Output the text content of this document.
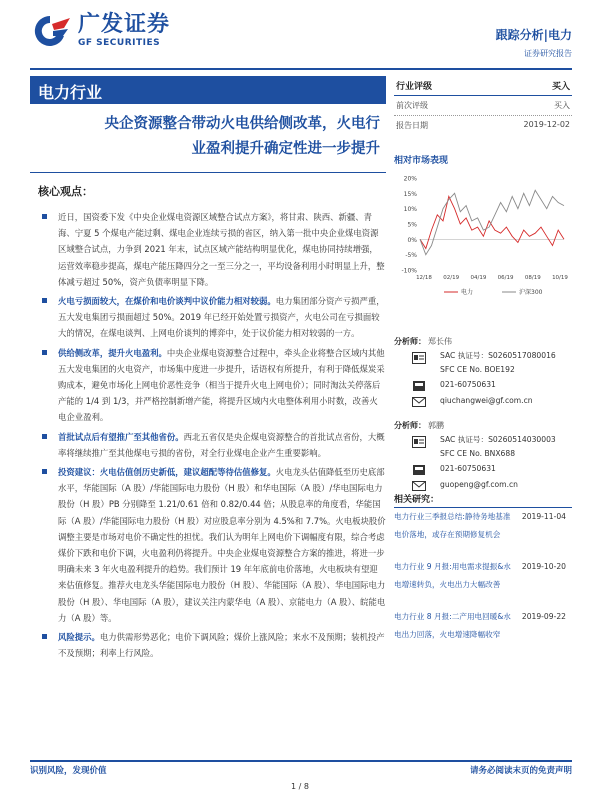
广发证券
GF SECURITIES
跟踪分析|电力
证券研究报告
电力行业
央企资源整合带动火电供给侧改革，火电行
业盈利提升确定性进一步提升
核心观点：
近日，国资委下发《中央企业煤电资源区域整合试点方案》，将甘肃、陕西、新疆、青海、宁夏 5 个煤电产能过剩、煤电企业连续亏损的省区，纳入第一批中央企业煤电资源区域整合试点，力争到 2021 年末，试点区域产能结构明显优化，煤电协同持续增强，运营效率稳步提高，煤电产能压降四分之一至三分之一，平均设备利用小时明显上升，整体减亏超过 50%，资产负债率明显下降。
火电亏损面较大，在煤价和电价谈判中议价能力相对较弱。电力集团部分资产亏损严重，五大发电集团亏损面超过 50%。2019 年已经开始处置亏损资产，火电公司在亏损面较大的情况，在煤电谈判、上网电价谈判的博弈中，处于议价能力相对较弱的一方。
供给侧改革，提升火电盈利。中央企业煤电资源整合过程中，牵头企业将整合区域内其他五大发电集团的火电资产，市场集中度进一步提升，话语权有所提升，有利于降低煤炭采购成本，避免市场化上网电价恶性竞争（相当于提升火电上网电价）；同时淘汰关停落后产能的 1/4 到 1/3，并严格控制新增产能，将提升区域内火电整体利用小时数，改善火电企业盈利。
首批试点后有望推广至其他省份。西北五省仅是央企煤电资源整合的首批试点省份，大概率将继续推广至其他煤电亏损的省份，对全行业煤电企业产生重要影响。
投资建议：火电估值创历史新低，建议超配等待估值修复。火电龙头估值降低至历史底部水平，华能国际（A 股）/华能国际电力股份（H 股）和华电国际（A 股）/华电国际电力股份（H 股）PB 分别降至 1.21/0.61 倍和 0.82/0.44 倍；从股息率的角度看，华能国际（A 股）/华能国际电力股份（H 股）对应股息率分别为 4.5%和 7.7%。火电板块股价调整主要是市场对电价不确定性的担忧。我们认为明年上网电价下调幅度有限，综合考虑煤价下跌和电价下调，火电盈利仍将提升。中央企业煤电资源整合方案的推进，将进一步明确未来 3 年火电盈利提升的趋势。我们预计 19 年年底前电价落地，火电板块有望迎来估值修复。推荐火电龙头华能国际电力股份（H 股）、华能国际（A 股）、华电国际电力股份（H 股）、华电国际（A 股），建议关注内蒙华电（A 股）、京能电力（A 股）、皖能电力（A 股）等。
风险提示。电力供需形势恶化；电价下调风险；煤价上涨风险；来水不及预期；装机投产不及预期；利率上行风险。
行业评级	买入
前次评级	买入
报告日期	2019-12-02
相对市场表现
20%
15%
10%
5%
0%
-5%
-10%
12/18 02/19 04/19 06/19 08/19 10/19
电力	沪深300
分析师： 郑长伟
SAC 执证号：S0260517080016
SFC CE No. BOE192
021-60750631
qiuchangwei@gf.com.cn
分析师： 郭鹏
SAC 执证号：S0260514030003
SFC CE No. BNX688
021-60750631
guopeng@gf.com.cn
相关研究：
电力行业三季报总结:静待务地基准电价落地，或存在预期修复机会
2019-11-04
电力行业 9 月报:用电需求提振&水电增速转负，火电出力大幅改善
2019-10-20
电力行业 8 月报:二产用电回暖&水电出力回落，火电增速降幅收窄
2019-09-22
识别风险，发现价值	请务必阅读末页的免责声明
1 / 8
